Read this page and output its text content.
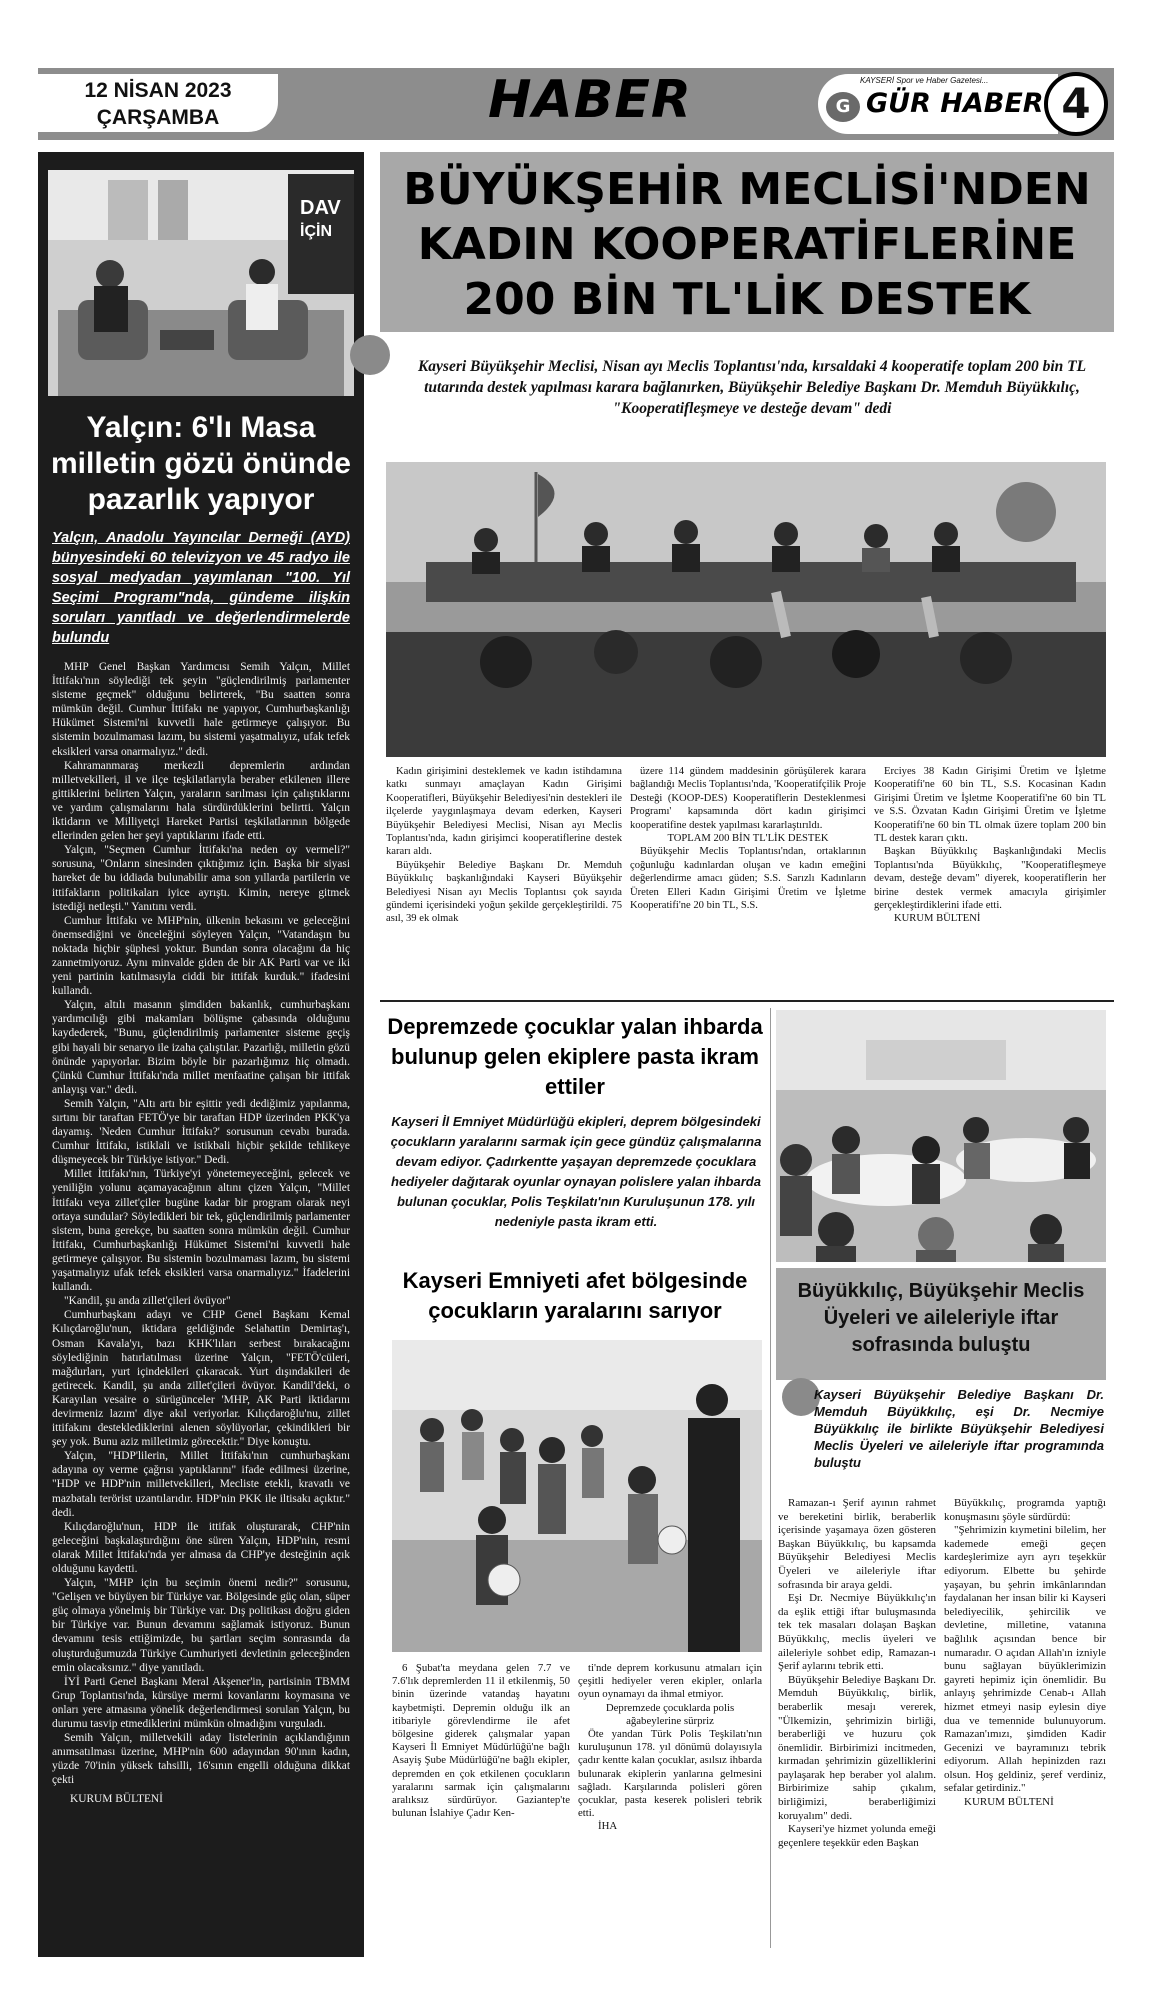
12 NİSAN 2023
ÇARŞAMBA	HABER	KAYSERİ Spor ve Haber Gazetesi...
G GÜR HABER 4
DAV
İÇİN
Yalçın: 6'lı Masa milletin gözü önünde pazarlık yapıyor
Yalçın, Anadolu Yayıncılar Derneği (AYD) bünyesindeki 60 televizyon ve 45 radyo ile sosyal medyadan yayımlanan "100. Yıl Seçimi Programı"nda, gündeme ilişkin soruları yanıtladı ve değerlendirmelerde bulundu

MHP Genel Başkan Yardımcısı Semih Yalçın, Millet İttifakı'nın söylediği tek şeyin "güçlendirilmiş parlamenter sisteme geçmek" olduğunu belirterek, "Bu saatten sonra mümkün değil. Cumhur İttifakı ne yapıyor, Cumhurbaşkanlığı Hükümet Sistemi'ni kuvvetli hale getirmeye çalışıyor. Bu sistemin bozulmaması lazım, bu sistemi yaşatmalıyız, ufak tefek eksikleri varsa onarmalıyız." dedi.

Kahramanmaraş merkezli depremlerin ardından milletvekilleri, il ve ilçe teşkilatlarıyla beraber etkilenen illere gittiklerini belirten Yalçın, yaraların sarılması için çalıştıklarını ve yardım çalışmalarını hala sürdürdüklerini belirtti. Yalçın iktidarın ve Milliyetçi Hareket Partisi teşkilatlarının bölgede ellerinden gelen her şeyi yaptıklarını ifade etti.

Yalçın, "Seçmen Cumhur İttifakı'na neden oy vermeli?" sorusuna, "Onların sinesinden çıktığımız için. Başka bir siyasi hareket de bu iddiada bulunabilir ama son yıllarda partilerin ve ittifakların politikaları iyice ayrıştı. Kimin, nereye gitmek istediği netleşti." Yanıtını verdi.

Cumhur İttifakı ve MHP'nin, ülkenin bekasını ve geleceğini önemsediğini ve önceleğini söyleyen Yalçın, "Vatandaşın bu noktada hiçbir şüphesi yoktur. Bundan sonra olacağını da hiç zannetmiyoruz. Aynı minvalde giden de bir AK Parti var ve iki yeni partinin katılmasıyla ciddi bir ittifak kurduk." ifadesini kullandı.

Yalçın, altılı masanın şimdiden bakanlık, cumhurbaşkanı yardımcılığı gibi makamları bölüşme çabasında olduğunu kaydederek, "Bunu, güçlendirilmiş parlamenter sisteme geçiş gibi hayali bir senaryo ile izaha çalıştılar. Pazarlığı, milletin gözü önünde yapıyorlar. Bizim böyle bir pazarlığımız hiç olmadı. Çünkü Cumhur İttifakı'nda millet menfaatine çalışan bir ittifak anlayışı var." dedi.

Semih Yalçın, "Altı artı bir eşittir yedi dediğimiz yapılanma, sırtını bir taraftan FETÖ'ye bir taraftan HDP üzerinden PKK'ya dayamış. 'Neden Cumhur İttifakı?' sorusunun cevabı burada. Cumhur İttifakı, istiklali ve istikbali hiçbir şekilde tehlikeye düşmeyecek bir Türkiye istiyor." Dedi.

Millet İttifakı'nın, Türkiye'yi yönetemeyeceğini, gelecek ve yeniliğin yolunu açamayacağının altını çizen Yalçın, "Millet İttifakı veya zillet'çiler bugüne kadar bir program olarak neyi ortaya sundular? Söyledikleri bir tek, güçlendirilmiş parlamenter sistem, buna gerekçe, bu saatten sonra mümkün değil. Cumhur İttifakı, Cumhurbaşkanlığı Hükümet Sistemi'ni kuvvetli hale getirmeye çalışıyor. Bu sistemin bozulmaması lazım, bu sistemi yaşatmalıyız ufak tefek eksikleri varsa onarmalıyız." İfadelerini kullandı.

"Kandil, şu anda zillet'çileri övüyor"

Cumhurbaşkanı adayı ve CHP Genel Başkanı Kemal Kılıçdaroğlu'nun, iktidara geldiğinde Selahattin Demirtaş'ı, Osman Kavala'yı, bazı KHK'lıları serbest bırakacağını söylediğinin hatırlatılması üzerine Yalçın, "FETÖ'cüleri, mağdurları, yurt içindekileri çıkaracak. Yurt dışındakileri de getirecek. Kandil, şu anda zillet'çileri övüyor. Kandil'deki, o Karayılan vesaire o sürügünceler 'MHP, AK Parti iktidarını devirmeniz lazım' diye akıl veriyorlar. Kılıçdaroğlu'nu, zillet ittifakını desteklediklerini alenen söylüyorlar, çekindikleri bir şey yok. Bunu aziz milletimiz görecektir." Diye konuştu.

Yalçın, "HDP'lilerin, Millet İttifakı'nın cumhurbaşkanı adayına oy verme çağrısı yaptıklarını" ifade edilmesi üzerine, "HDP ve HDP'nin milletvekilleri, Mecliste etekli, kravatlı ve mazbatalı terörist uzantılarıdır. HDP'nin PKK ile iltisakı açıktır." dedi.

Kılıçdaroğlu'nun, HDP ile ittifak oluşturarak, CHP'nin geleceğini başkalaştırdığını öne süren Yalçın, HDP'nin, resmi olarak Millet İttifakı'nda yer almasa da CHP'ye desteğinin açık olduğunu kaydetti.

Yalçın, "MHP için bu seçimin önemi nedir?" sorusunu, "Gelişen ve büyüyen bir Türkiye var. Bölgesinde güç olan, süper güç olmaya yönelmiş bir Türkiye var. Dış politikası doğru giden bir Türkiye var. Bunun devamını sağlamak istiyoruz. Bunun devamını tesis ettiğimizde, bu şartları seçim sonrasında da oluşturduğumuzda Türkiye Cumhuriyeti devletinin geleceğinden emin olacaksınız." diye yanıtladı.

İYİ Parti Genel Başkanı Meral Akşener'in, partisinin TBMM Grup Toplantısı'nda, kürsüye mermi kovanlarını koymasına ve onları yere atmasına yönelik değerlendirmesi sorulan Yalçın, bu durumu tasvip etmediklerini mümkün olmadığını vurguladı.

Semih Yalçın, milletvekili aday listelerinin açıklandığının anımsatılması üzerine, MHP'nin 600 adayından 90'ının kadın, yüzde 70'inin yüksek tahsilli, 16'sının engelli olduğuna dikkat çekti

KURUM BÜLTENİ

BÜYÜKŞEHİR MECLİSİ'NDEN
KADIN KOOPERATİFLERİNE
200 BİN TL'LİK DESTEK
Kayseri Büyükşehir Meclisi, Nisan ayı Meclis Toplantısı'nda, kırsaldaki 4 kooperatife toplam 200 bin TL tutarında destek yapılması karara bağlanırken, Büyükşehir Belediye Başkanı Dr. Memduh Büyükkılıç, "Kooperatifleşmeye ve desteğe devam" dedi

Kadın girişimini desteklemek ve kadın istihdamına katkı sunmayı amaçlayan Kadın Girişimi Kooperatifleri, Büyükşehir Belediyesi'nin destekleri ile ilçelerde yaygınlaşmaya devam ederken, Kayseri Büyükşehir Belediyesi Meclisi, Nisan ayı Meclis Toplantısı'nda, kadın girişimci kooperatiflerine destek kararı aldı.

Büyükşehir Belediye Başkanı Dr. Memduh Büyükkılıç başkanlığındaki Kayseri Büyükşehir Belediyesi Nisan ayı Meclis Toplantısı çok sayıda gündemi içerisindeki yoğun şekilde gerçekleştirildi. 75 asıl, 39 ek olmak

üzere 114 gündem maddesinin görüşülerek karara bağlandığı Meclis Toplantısı'nda, 'Kooperatifçilik Proje Desteği (KOOP-DES) Kooperatiflerin Desteklenmesi Programı' kapsamında dört kadın girişimci kooperatifine destek yapılması kararlaştırıldı.

TOPLAM 200 BİN TL'LİK DESTEK

Büyükşehir Meclis Toplantısı'ndan, ortaklarının çoğunluğu kadınlardan oluşan ve kadın emeğini değerlendirme amacı güden; S.S. Sarızlı Kadınların Üreten Elleri Kadın Girişimi Üretim ve İşletme Kooperatifi'ne 20 bin TL, S.S.

Erciyes 38 Kadın Girişimi Üretim ve İşletme Kooperatifi'ne 60 bin TL, S.S. Kocasinan Kadın Girişimi Üretim ve İşletme Kooperatifi'ne 60 bin TL ve S.S. Özvatan Kadın Girişimi Üretim ve İşletme Kooperatifi'ne 60 bin TL olmak üzere toplam 200 bin TL destek kararı çıktı.

Başkan Büyükkılıç Başkanlığındaki Meclis Toplantısı'nda Büyükkılıç, "Kooperatifleşmeye devam, desteğe devam" diyerek, kooperatiflerin her birine destek vermek amacıyla girişimler gerçekleştirdiklerini ifade etti.

KURUM BÜLTENİ

Depremzede çocuklar yalan ihbarda bulunup gelen ekiplere pasta ikram ettiler
Kayseri İl Emniyet Müdürlüğü ekipleri, deprem bölgesindeki çocukların yaralarını sarmak için gece gündüz çalışmalarına devam ediyor. Çadırkentte yaşayan depremzede çocuklara hediyeler dağıtarak oyunlar oynayan polislere yalan ihbarda bulunan çocuklar, Polis Teşkilatı'nın Kuruluşunun 178. yılı nedeniyle pasta ikram etti.
Kayseri Emniyeti afet bölgesinde çocukların yaralarını sarıyor

6 Şubat'ta meydana gelen 7.7 ve 7.6'lık depremlerden 11 il etkilenmiş, 50 binin üzerinde vatandaş hayatını kaybetmişti. Depremin olduğu ilk an itibariyle görevlendirme ile afet bölgesine giderek çalışmalar yapan Kayseri İl Emniyet Müdürlüğü'ne bağlı Asayiş Şube Müdürlüğü'ne bağlı ekipler, depremden en çok etkilenen çocukların yaralarını sarmak için çalışmalarını aralıksız sürdürüyor. Gaziantep'te bulunan İslahiye Çadır Ken-

ti'nde deprem korkusunu atmaları için çeşitli hediyeler veren ekipler, onlarla oyun oynamayı da ihmal etmiyor.

Depremzede çocuklarda polis ağabeylerine sürpriz

Öte yandan Türk Polis Teşkilatı'nın kuruluşunun 178. yıl dönümü dolayısıyla çadır kentte kalan çocuklar, asılsız ihbarda bulunarak ekiplerin yanlarına gelmesini sağladı. Karşılarında polisleri gören çocuklar, pasta keserek polisleri tebrik etti.

İHA

Büyükkılıç, Büyükşehir Meclis Üyeleri ve aileleriyle iftar sofrasında buluştu
Kayseri Büyükşehir Belediye Başkanı Dr. Memduh Büyükkılıç, eşi Dr. Necmiye Büyükkılıç ile birlikte Büyükşehir Belediyesi Meclis Üyeleri ve aileleriyle iftar programında buluştu

Ramazan-ı Şerif ayının rahmet ve bereketini birlik, beraberlik içerisinde yaşamaya özen gösteren Başkan Büyükkılıç, bu kapsamda Büyükşehir Belediyesi Meclis Üyeleri ve aileleriyle iftar sofrasında bir araya geldi.

Eşi Dr. Necmiye Büyükkılıç'ın da eşlik ettiği iftar buluşmasında tek tek masaları dolaşan Başkan Büyükkılıç, meclis üyeleri ve aileleriyle sohbet edip, Ramazan-ı Şerif aylarını tebrik etti.

Büyükşehir Belediye Başkanı Dr. Memduh Büyükkılıç, birlik, beraberlik mesajı vererek, "Ülkemizin, şehrimizin birliği, beraberliği ve huzuru çok önemlidir. Birbirimizi incitmeden, kırmadan şehrimizin güzelliklerini paylaşarak hep beraber yol alalım. Birbirimize sahip çıkalım, birliğimizi, beraberliğimizi koruyalım" dedi.

Kayseri'ye hizmet yolunda emeği geçenlere teşekkür eden Başkan

Büyükkılıç, programda yaptığı konuşmasını şöyle sürdürdü:

"Şehrimizin kıymetini bilelim, her kademede emeği geçen kardeşlerimize ayrı ayrı teşekkür ediyorum. Elbette bu şehirde yaşayan, bu şehrin imkânlarından faydalanan her insan bilir ki Kayseri belediyecilik, şehircilik ve devletine, milletine, vatanına bağlılık açısından bence bir numaradır. O açıdan Allah'ın izniyle bunu sağlayan büyüklerimizin gayreti hepimiz için önemlidir. Bu anlayış şehrimizde Cenab-ı Allah hizmet etmeyi nasip eylesin diye dua ve temennide bulunuyorum. Ramazan'ımızı, şimdiden Kadir Gecenizi ve bayramınızı tebrik ediyorum. Allah hepinizden razı olsun. Hoş geldiniz, şeref verdiniz, sefalar getirdiniz."

KURUM BÜLTENİ
